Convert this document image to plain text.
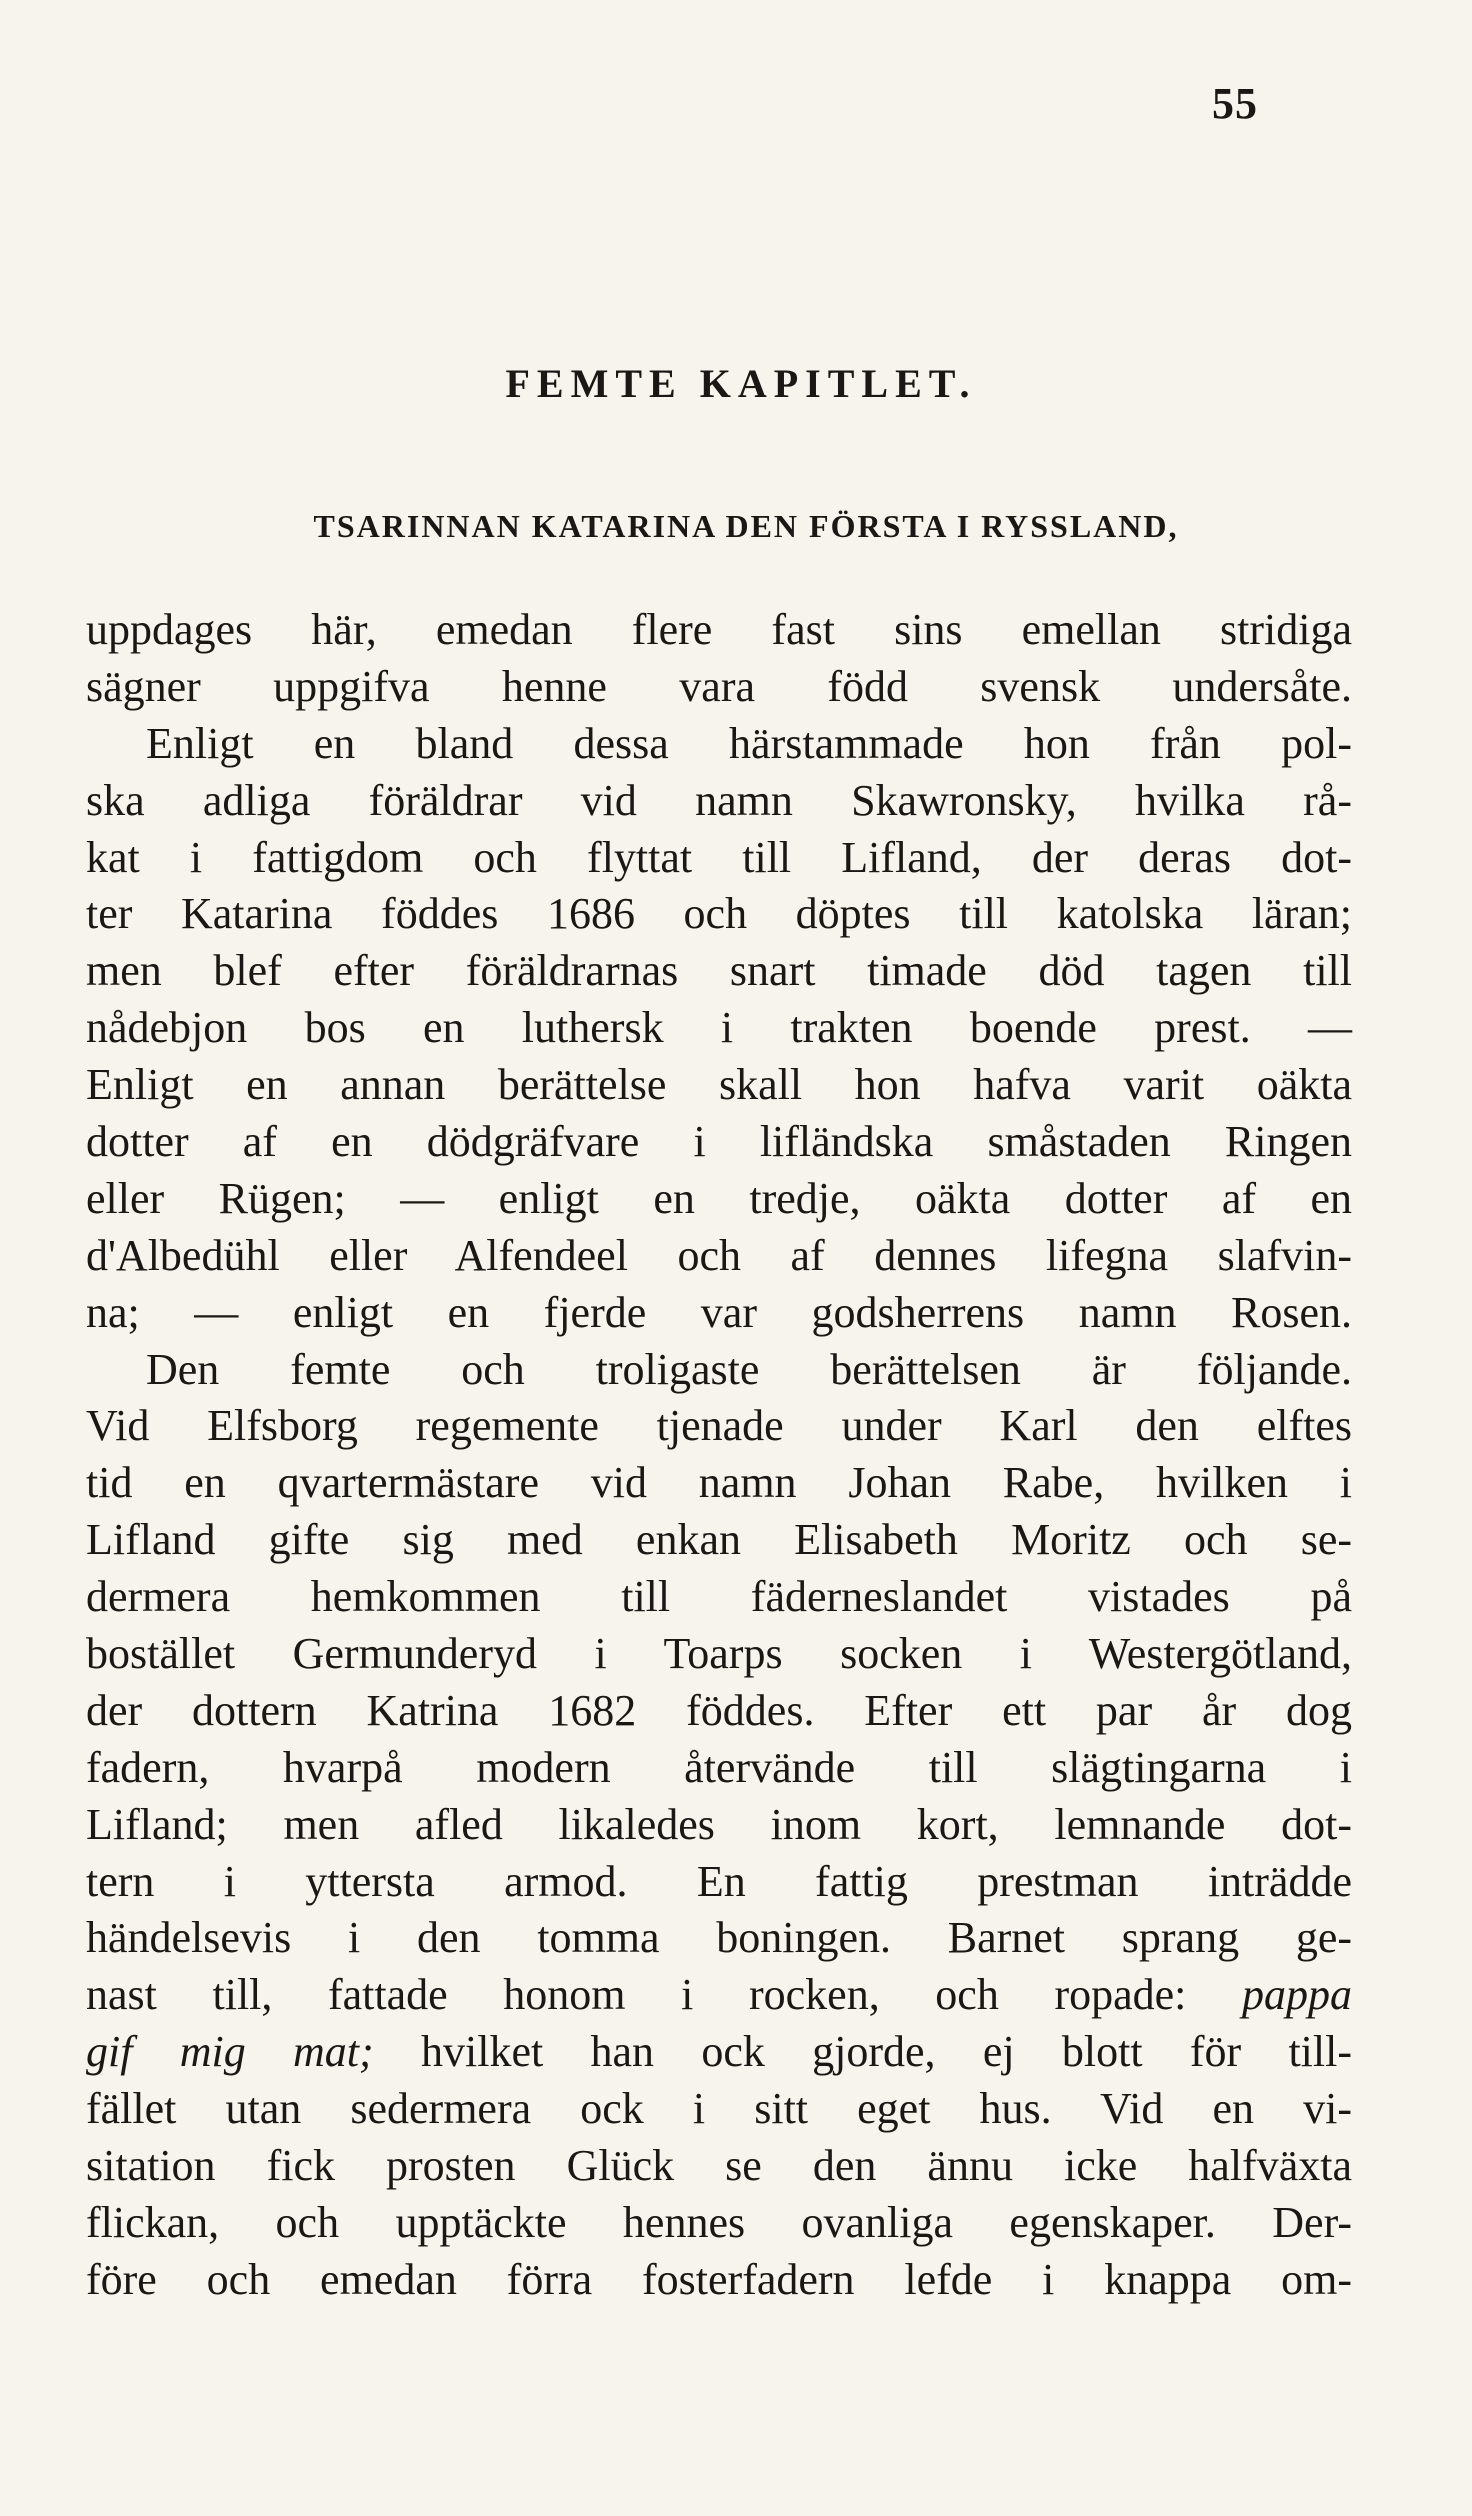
55
FEMTE KAPITLET.
TSARINNAN KATARINA DEN FÖRSTA I RYSSLAND,
uppdages här, emedan flere fast sins emellan stridiga
sägner uppgifva henne vara född svensk undersåte.
Enligt en bland dessa härstammade hon från pol-
ska adliga föräldrar vid namn Skawronsky, hvilka rå-
kat i fattigdom och flyttat till Lifland, der deras dot-
ter Katarina föddes 1686 och döptes till katolska läran;
men blef efter föräldrarnas snart timade död tagen till
nådebjon bos en luthersk i trakten boende prest. —
Enligt en annan berättelse skall hon hafva varit oäkta
dotter af en dödgräfvare i lifländska småstaden Ringen
eller Rügen; — enligt en tredje, oäkta dotter af en
d'Albedühl eller Alfendeel och af dennes lifegna slafvin-
na; — enligt en fjerde var godsherrens namn Rosen.
Den femte och troligaste berättelsen är följande.
Vid Elfsborg regemente tjenade under Karl den elftes
tid en qvartermästare vid namn Johan Rabe, hvilken i
Lifland gifte sig med enkan Elisabeth Moritz och se-
dermera hemkommen till fäderneslandet vistades på
bostället Germunderyd i Toarps socken i Westergötland,
der dottern Katrina 1682 föddes. Efter ett par år dog
fadern, hvarpå modern återvände till slägtingarna i
Lifland; men afled likaledes inom kort, lemnande dot-
tern i yttersta armod. En fattig prestman inträdde
händelsevis i den tomma boningen. Barnet sprang ge-
nast till, fattade honom i rocken, och ropade: pappa
gif mig mat; hvilket han ock gjorde, ej blott för till-
fället utan sedermera ock i sitt eget hus. Vid en vi-
sitation fick prosten Glück se den ännu icke halfväxta
flickan, och upptäckte hennes ovanliga egenskaper. Der-
före och emedan förra fosterfadern lefde i knappa om-
